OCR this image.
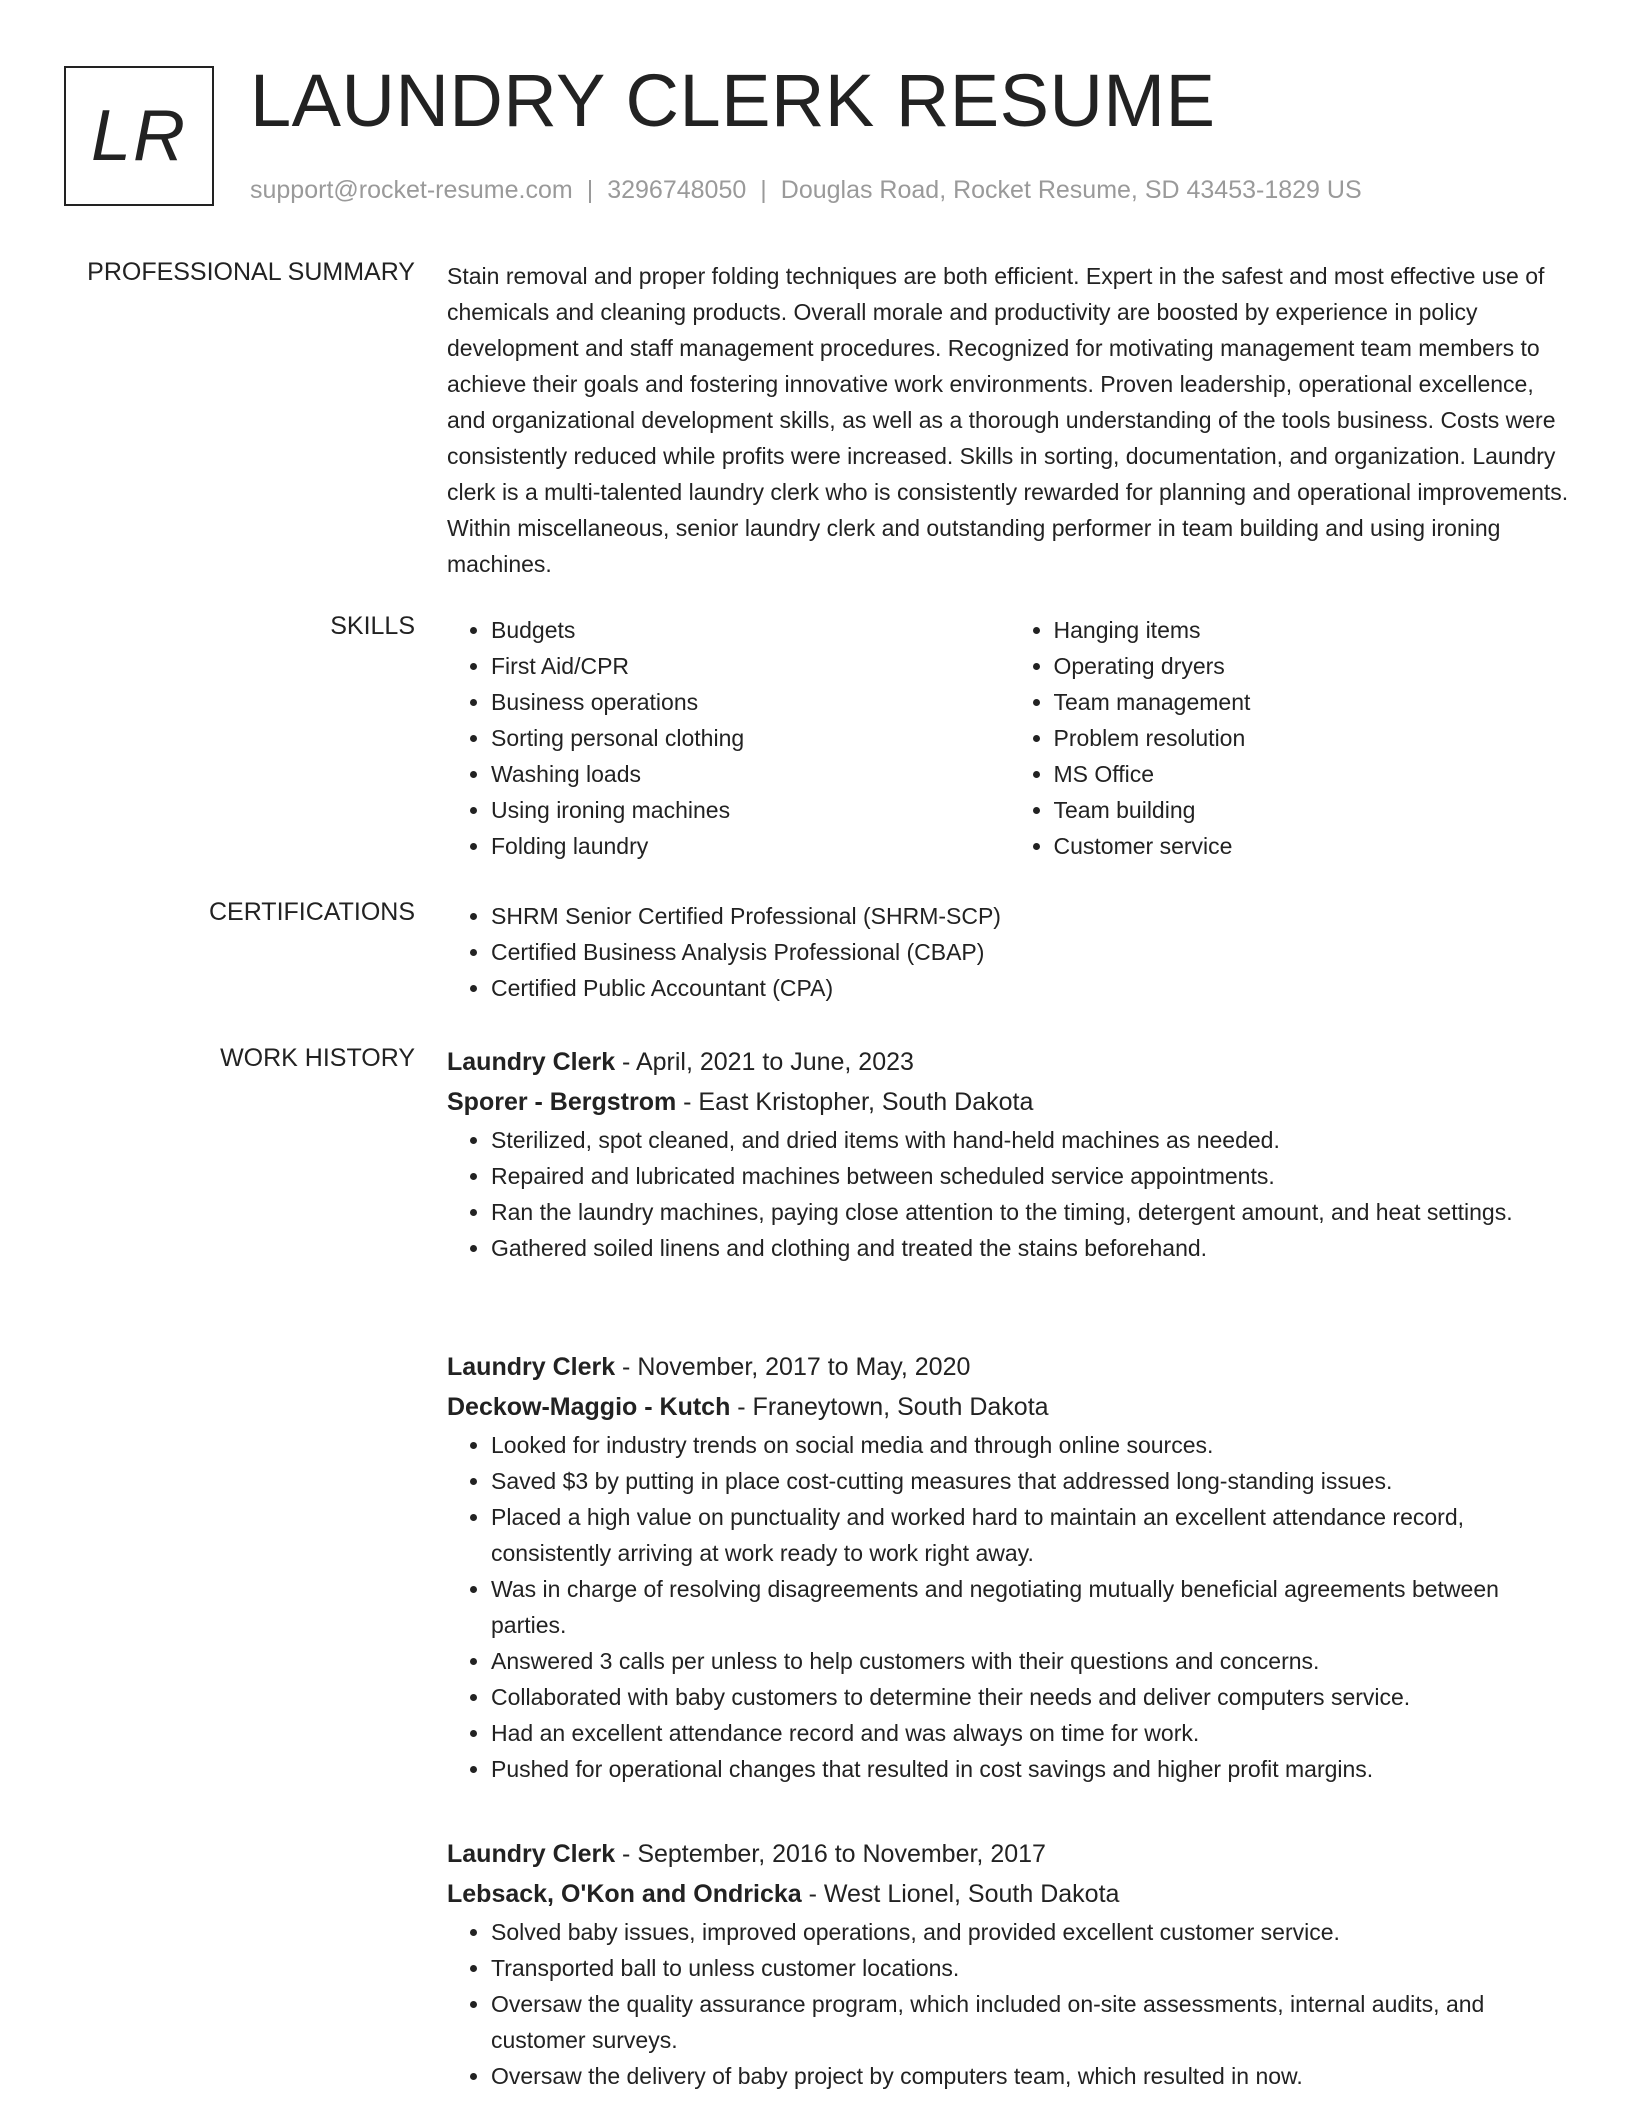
LR LAUNDRY CLERK RESUME
support@rocket-resume.com | 3296748050 | Douglas Road, Rocket Resume, SD 43453-1829 US
PROFESSIONAL SUMMARY Stain removal and proper folding techniques are both efficient. Expert in the safest and most effective use of chemicals and cleaning products. Overall morale and productivity are boosted by experience in policy development and staff management procedures. Recognized for motivating management team members to achieve their goals and fostering innovative work environments. Proven leadership, operational excellence, and organizational development skills, as well as a thorough understanding of the tools business. Costs were consistently reduced while profits were increased. Skills in sorting, documentation, and organization. Laundry clerk is a multi-talented laundry clerk who is consistently rewarded for planning and operational improvements. Within miscellaneous, senior laundry clerk and outstanding performer in team building and using ironing machines.
SKILLS	• Budgets
• First Aid/CPR
• Business operations
• Sorting personal clothing
• Washing loads
• Using ironing machines
• Folding laundry
• Hanging items
• Operating dryers
• Team management
• Problem resolution
• MS Office
• Team building
• Customer service
CERTIFICATIONS	• SHRM Senior Certified Professional (SHRM-SCP)
• Certified Business Analysis Professional (CBAP)
• Certified Public Accountant (CPA)
WORK HISTORY Laundry Clerk - April, 2021 to June, 2023
Sporer - Bergstrom - East Kristopher, South Dakota
• Sterilized, spot cleaned, and dried items with hand-held machines as needed.
• Repaired and lubricated machines between scheduled service appointments.
• Ran the laundry machines, paying close attention to the timing, detergent amount, and heat settings.
• Gathered soiled linens and clothing and treated the stains beforehand.
Laundry Clerk - November, 2017 to May, 2020
Deckow-Maggio - Kutch - Franeytown, South Dakota
• Looked for industry trends on social media and through online sources.
• Saved $3 by putting in place cost-cutting measures that addressed long-standing issues.
• Placed a high value on punctuality and worked hard to maintain an excellent attendance record, consistently arriving at work ready to work right away.
• Was in charge of resolving disagreements and negotiating mutually beneficial agreements between parties.
• Answered 3 calls per unless to help customers with their questions and concerns.
• Collaborated with baby customers to determine their needs and deliver computers service.
• Had an excellent attendance record and was always on time for work.
• Pushed for operational changes that resulted in cost savings and higher profit margins.
Laundry Clerk - September, 2016 to November, 2017
Lebsack, O'Kon and Ondricka - West Lionel, South Dakota
• Solved baby issues, improved operations, and provided excellent customer service.
• Transported ball to unless customer locations.
• Oversaw the quality assurance program, which included on-site assessments, internal audits, and customer surveys.
• Oversaw the delivery of baby project by computers team, which resulted in now.
